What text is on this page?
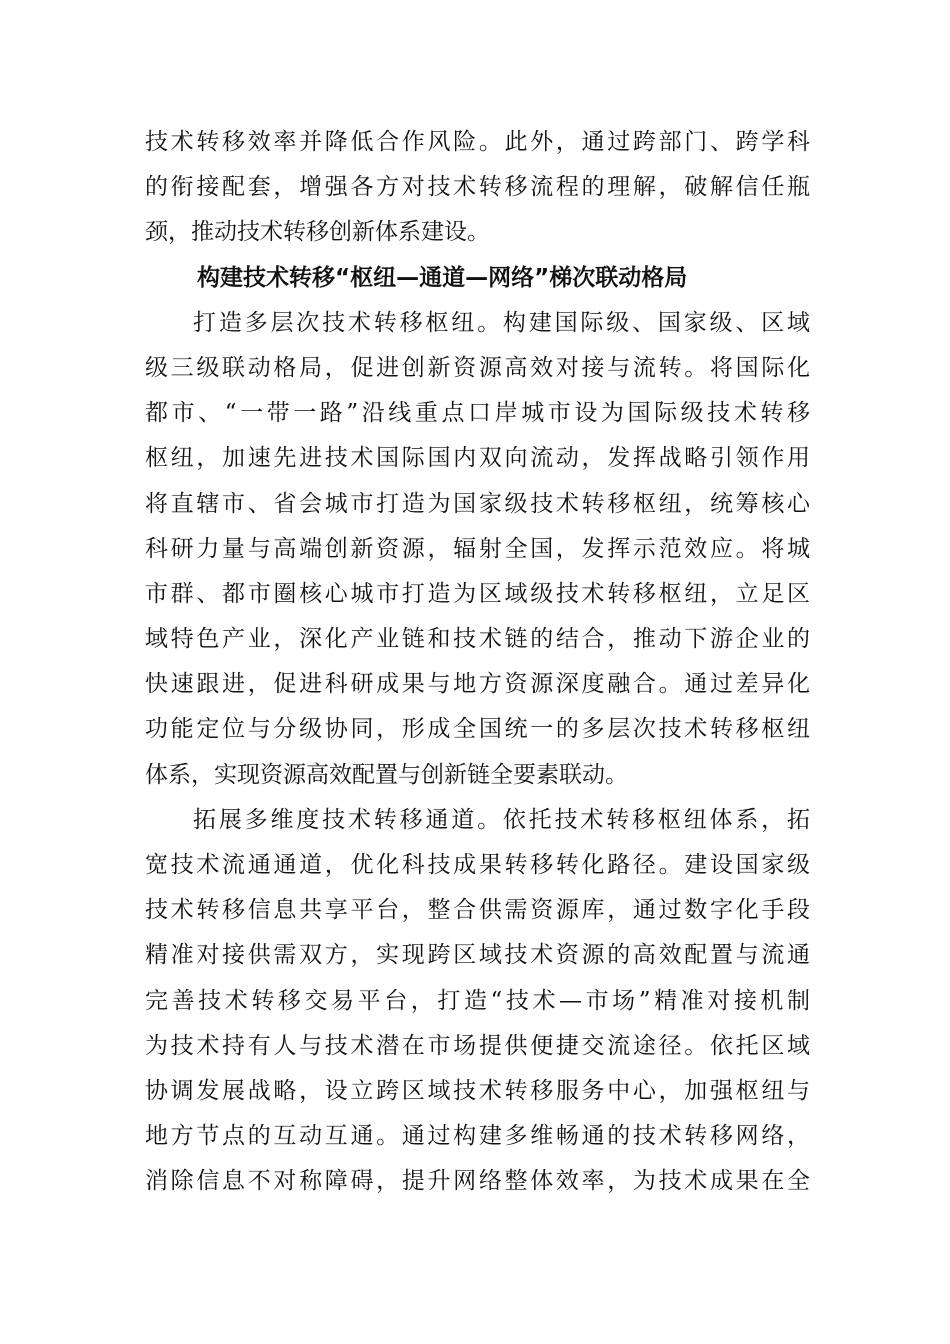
技术转移效率并降低合作风险。此外，通过跨部门、跨学科
的衔接配套，增强各方对技术转移流程的理解，破解信任瓶
颈，推动技术转移创新体系建设。
构建技术转移“枢纽—通道—网络”梯次联动格局
打造多层次技术转移枢纽。构建国际级、国家级、区域
级三级联动格局，促进创新资源高效对接与流转。将国际化
都市、“一带一路”沿线重点口岸城市设为国际级技术转移
枢纽，加速先进技术国际国内双向流动，发挥战略引领作用
将直辖市、省会城市打造为国家级技术转移枢纽，统筹核心
科研力量与高端创新资源，辐射全国，发挥示范效应。将城
市群、都市圈核心城市打造为区域级技术转移枢纽，立足区
域特色产业，深化产业链和技术链的结合，推动下游企业的
快速跟进，促进科研成果与地方资源深度融合。通过差异化
功能定位与分级协同，形成全国统一的多层次技术转移枢纽
体系，实现资源高效配置与创新链全要素联动。
拓展多维度技术转移通道。依托技术转移枢纽体系，拓
宽技术流通通道，优化科技成果转移转化路径。建设国家级
技术转移信息共享平台，整合供需资源库，通过数字化手段
精准对接供需双方，实现跨区域技术资源的高效配置与流通
完善技术转移交易平台，打造“技术—市场”精准对接机制
为技术持有人与技术潜在市场提供便捷交流途径。依托区域
协调发展战略，设立跨区域技术转移服务中心，加强枢纽与
地方节点的互动互通。通过构建多维畅通的技术转移网络，
消除信息不对称障碍，提升网络整体效率，为技术成果在全
